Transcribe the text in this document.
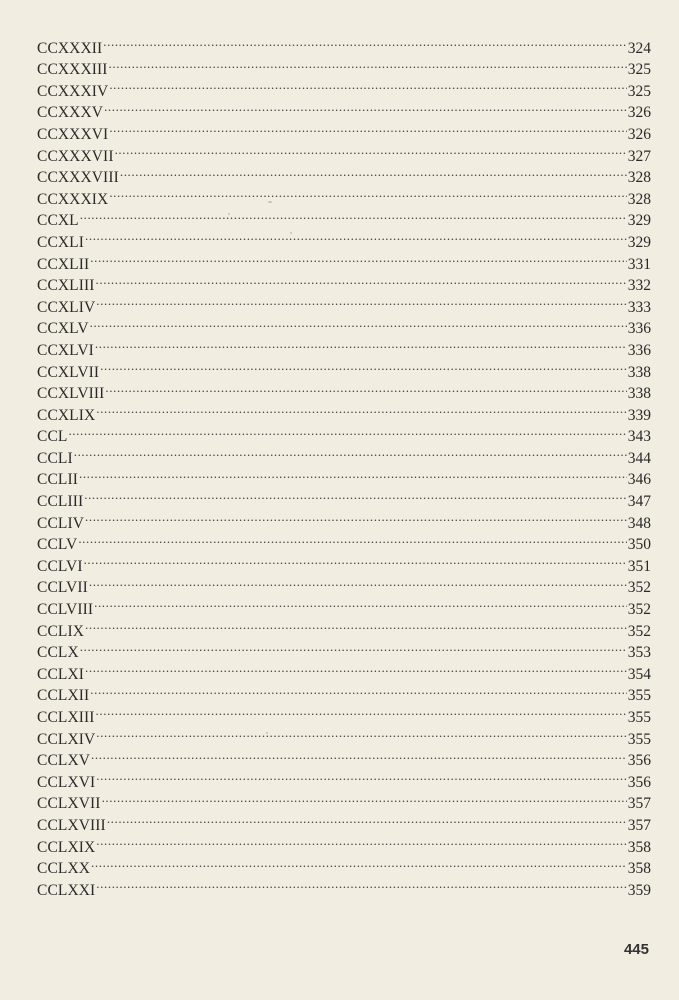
CCXXXII .....	324
CCXXXIII .....	325
CCXXXIV .....	325
CCXXXV .....	326
CCXXXVI .....	326
CCXXXVII .....	327
CCXXXVIII .....	328
CCXXXIX .....	328
CCXL .....	329
CCXLI .....	329
CCXLII .....	331
CCXLIII .....	332
CCXLIV .....	333
CCXLV .....	336
CCXLVI .....	336
CCXLVII .....	338
CCXLVIII .....	338
CCXLIX .....	339
CCL .....	343
CCLI .....	344
CCLII .....	346
CCLIII .....	347
CCLIV .....	348
CCLV .....	350
CCLVI .....	351
CCLVII .....	352
CCLVIII .....	352
CCLIX .....	352
CCLX .....	353
CCLXI .....	354
CCLXII .....	355
CCLXIII .....	355
CCLXIV .....	355
CCLXV .....	356
CCLXVI .....	356
CCLXVII .....	357
CCLXVIII .....	357
CCLXIX .....	358
CCLXX .....	358
CCLXXI .....	359
445
